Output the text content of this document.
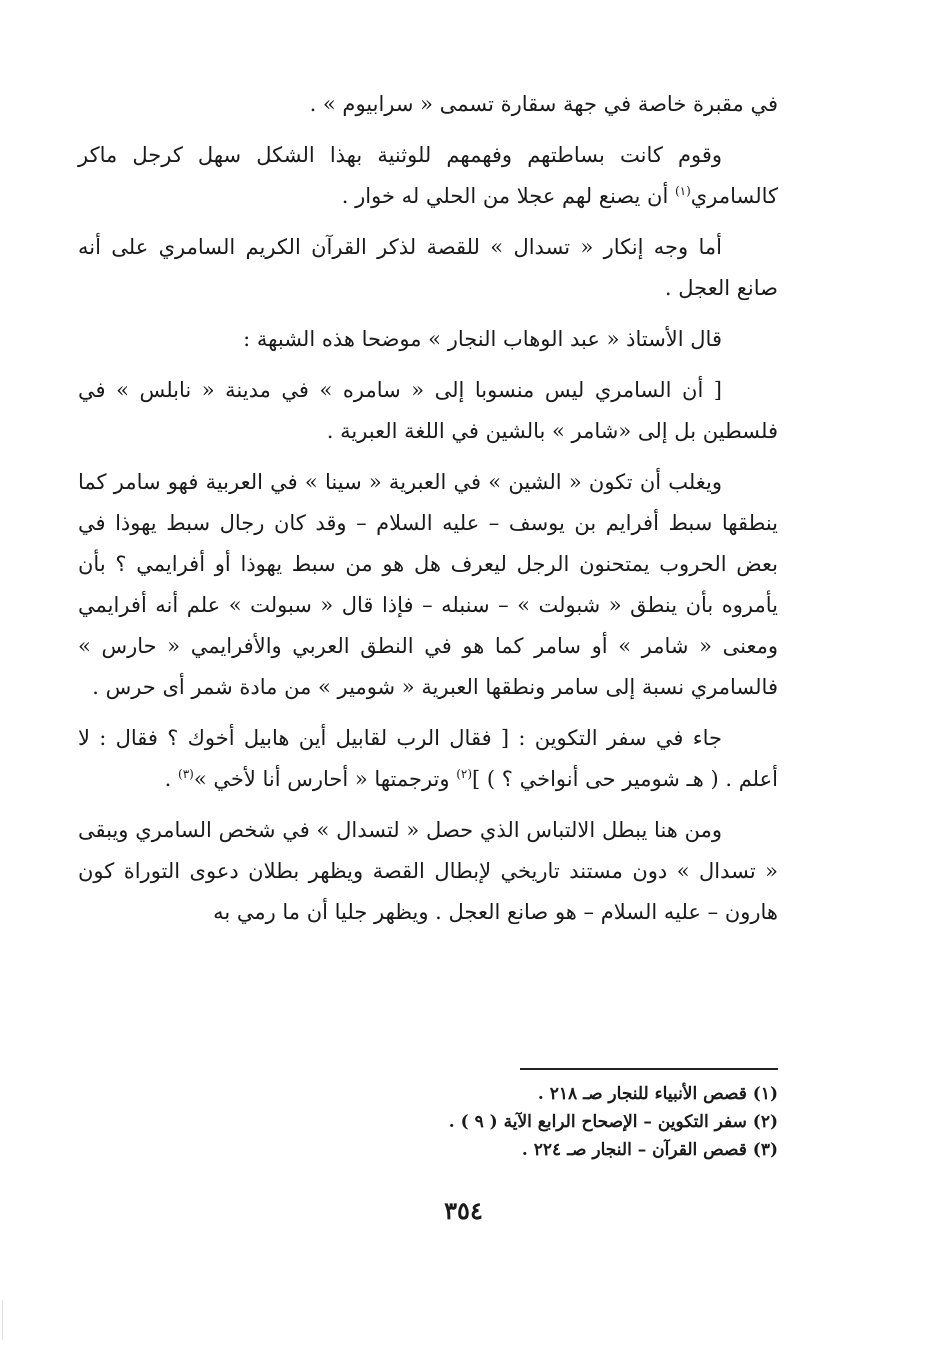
في مقبرة خاصة في جهة سقارة تسمى « سرابيوم » .

وقوم كانت بساطتهم وفهمهم للوثنية بهذا الشكل سهل كرجل ماكر كالسامري$^{(١)}$ أن يصنع لهم عجلا من الحلي له خوار .

أما وجه إنكار « تسدال » للقصة لذكر القرآن الكريم السامري على أنه صانع العجل .

قال الأستاذ « عبد الوهاب النجار » موضحا هذه الشبهة :

[ أن السامري ليس منسوبا إلى « سامره » في مدينة « نابلس » في فلسطين بل إلى «شامر » بالشين في اللغة العبرية .

ويغلب أن تكون « الشين » في العبرية « سينا » في العربية فهو سامر كما ينطقها سبط أفرايم بن يوسف – عليه السلام – وقد كان رجال سبط يهوذا في بعض الحروب يمتحنون الرجل ليعرف هل هو من سبط يهوذا أو أفرايمي ؟ بأن يأمروه بأن ينطق « شبولت » – سنبله – فإذا قال « سبولت » علم أنه أفرايمي ومعنى « شامر » أو سامر كما هو في النطق العربي والأفرايمي « حارس » فالسامري نسبة إلى سامر ونطقها العبرية « شومير » من مادة شمر أى حرس .

جاء في سفر التكوين : [ فقال الرب لقابيل أين هابيل أخوك ؟ فقال : لا أعلم . ( هـ شومير حى أنواخي ؟ ) ]$^{(٢)}$ وترجمتها « أحارس أنا لأخي »$^{(٣)}$ .

ومن هنا يبطل الالتباس الذي حصل « لتسدال » في شخص السامري ويبقى « تسدال » دون مستند تاريخي لإبطال القصة ويظهر بطلان دعوى التوراة كون هارون – عليه السلام – هو صانع العجل . ويظهر جليا أن ما رمي به

(١) قصص الأنبياء للنجار صـ ٢١٨ .

(٢) سفر التكوين – الإصحاح الرابع الآية ( ٩ ) .

(٣) قصص القرآن – النجار صـ ٢٢٤ .

٣٥٤
